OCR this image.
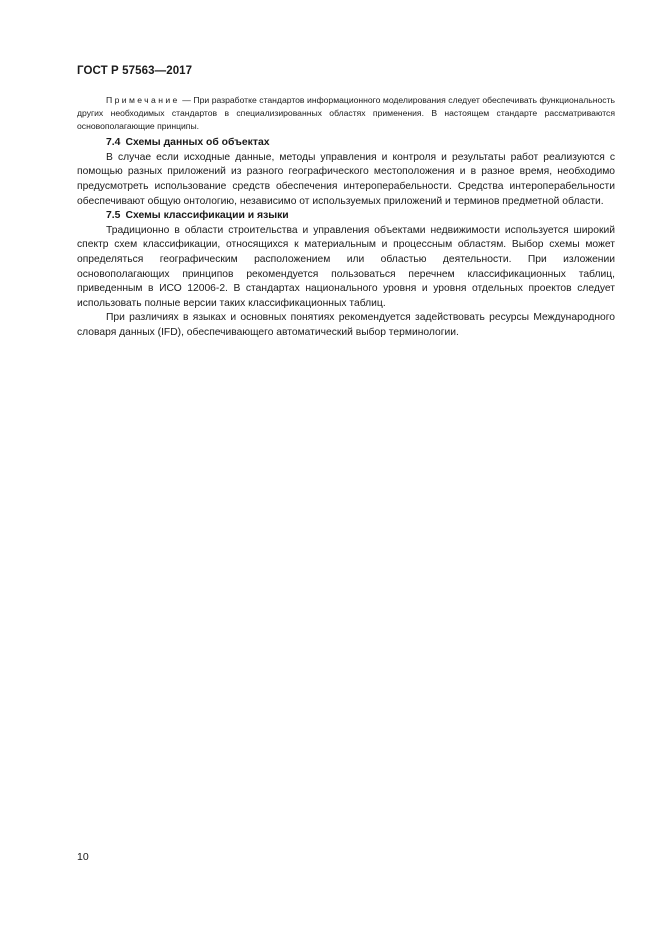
ГОСТ Р 57563—2017

Примечание — При разработке стандартов информационного моделирования следует обеспечивать функциональность других необходимых стандартов в специализированных областях применения. В настоящем стандарте рассматриваются основополагающие принципы.

7.4 Схемы данных об объектах

В случае если исходные данные, методы управления и контроля и результаты работ реализуются с помощью разных приложений из разного географического местоположения и в разное время, необходимо предусмотреть использование средств обеспечения интероперабельности. Средства интероперабельности обеспечивают общую онтологию, независимо от используемых приложений и терминов предметной области.

7.5 Схемы классификации и языки

Традиционно в области строительства и управления объектами недвижимости используется широкий спектр схем классификации, относящихся к материальным и процессным областям. Выбор схемы может определяться географическим расположением или областью деятельности. При изложении основополагающих принципов рекомендуется пользоваться перечнем классификационных таблиц, приведенным в ИСО 12006-2. В стандартах национального уровня и уровня отдельных проектов следует использовать полные версии таких классификационных таблиц.

При различиях в языках и основных понятиях рекомендуется задействовать ресурсы Международного словаря данных (IFD), обеспечивающего автоматический выбор терминологии.

10
